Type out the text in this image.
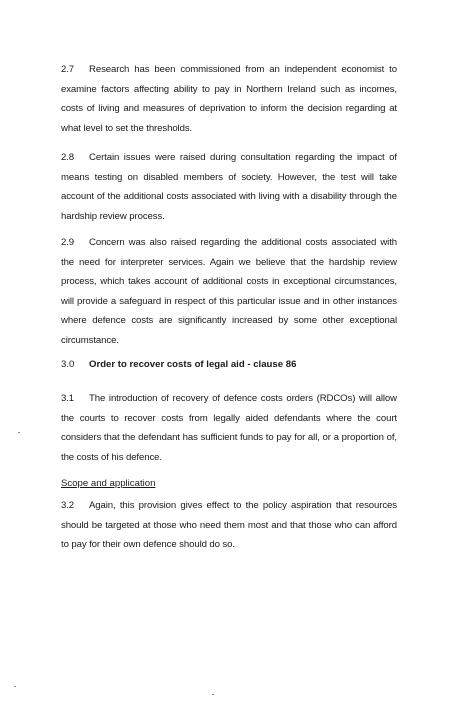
2.7 Research has been commissioned from an independent economist to examine factors affecting ability to pay in Northern Ireland such as incomes, costs of living and measures of deprivation to inform the decision regarding at what level to set the thresholds.

2.8 Certain issues were raised during consultation regarding the impact of means testing on disabled members of society. However, the test will take account of the additional costs associated with living with a disability through the hardship review process.

2.9 Concern was also raised regarding the additional costs associated with the need for interpreter services. Again we believe that the hardship review process, which takes account of additional costs in exceptional circumstances, will provide a safeguard in respect of this particular issue and in other instances where defence costs are significantly increased by some other exceptional circumstance.

3.0 Order to recover costs of legal aid - clause 86

3.1 The introduction of recovery of defence costs orders (RDCOs) will allow the courts to recover costs from legally aided defendants where the court considers that the defendant has sufficient funds to pay for all, or a proportion of, the costs of his defence.

Scope and application

3.2 Again, this provision gives effect to the policy aspiration that resources should be targeted at those who need them most and that those who can afford to pay for their own defence should do so.
